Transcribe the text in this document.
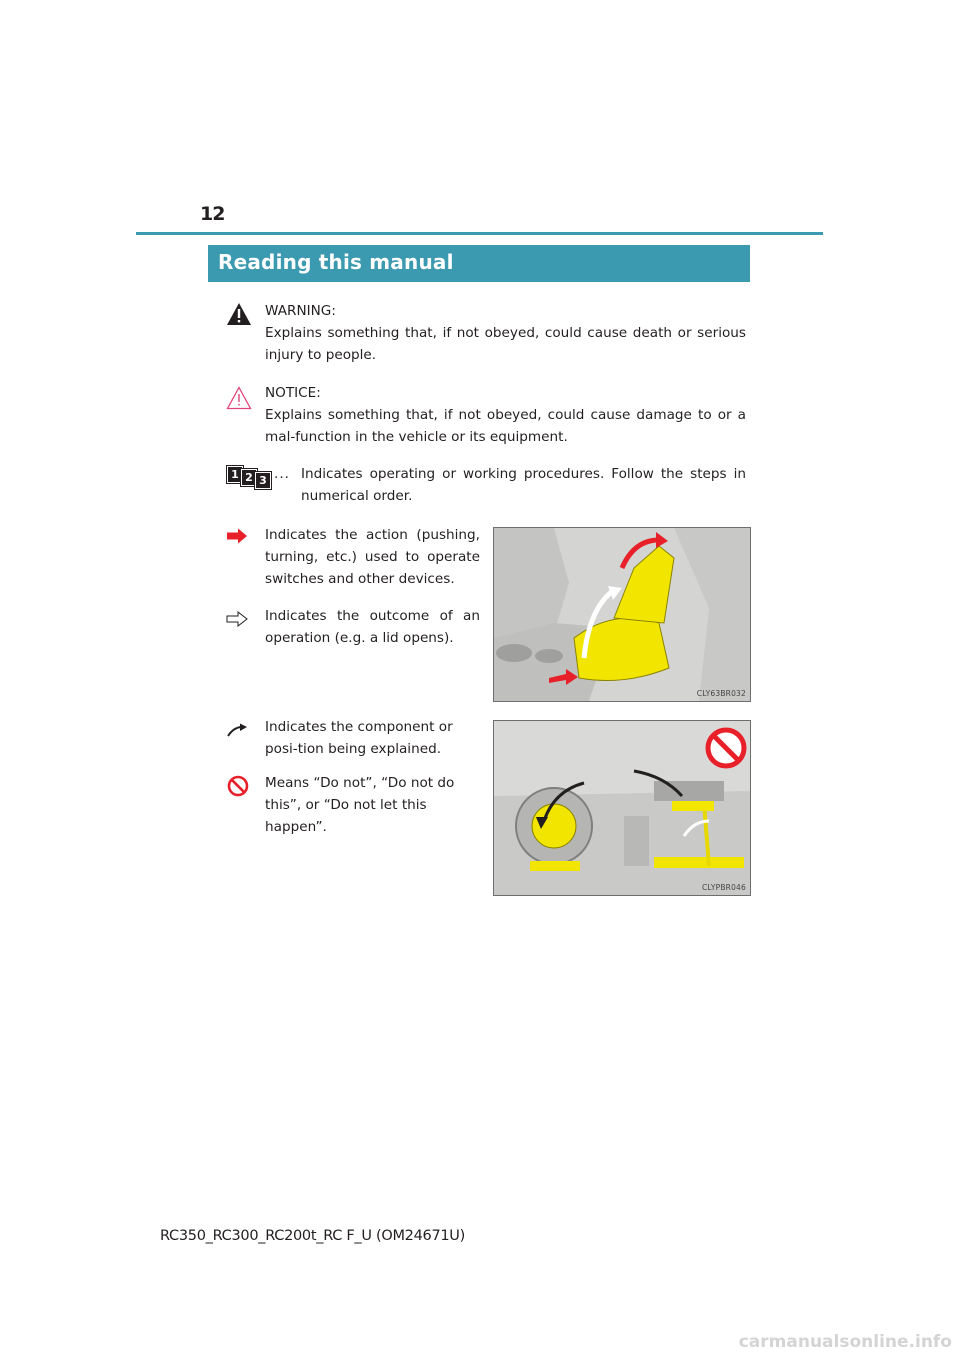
12
Reading this manual

WARNING:

Explains something that, if not obeyed, could cause death or serious injury to people.

NOTICE:

Explains something that, if not obeyed, could cause damage to or a mal-function in the vehicle or its equipment.

1 2 3 ... Indicates operating or working procedures. Follow the steps in numerical order.
Indicates the action (pushing, turning, etc.) used to operate switches and other devices.
Indicates the outcome of an operation (e.g. a lid opens).
CLY63BR032
Indicates the component or posi-tion being explained.
Means “Do not”, “Do not do this”, or “Do not let this happen”.
CLYPBR046
RC350_RC300_RC200t_RC F_U (OM24671U)
carmanualsonline.info
